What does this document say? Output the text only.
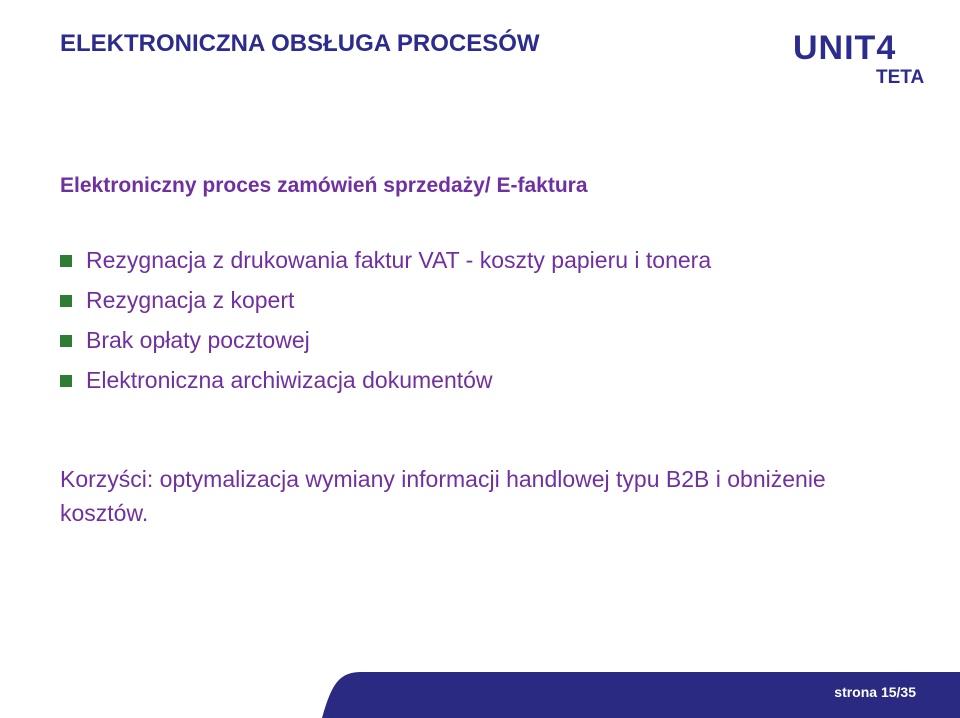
ELEKTRONICZNA OBSŁUGA PROCESÓW	UNIT4
TETA
Elektroniczny proces zamówień sprzedaży/ E-faktura
Rezygnacja z drukowania faktur VAT - koszty papieru i tonera
Rezygnacja z kopert
Brak opłaty pocztowej
Elektroniczna archiwizacja dokumentów
Korzyści: optymalizacja wymiany informacji handlowej typu B2B i obniżenie kosztów.
strona 15/35
